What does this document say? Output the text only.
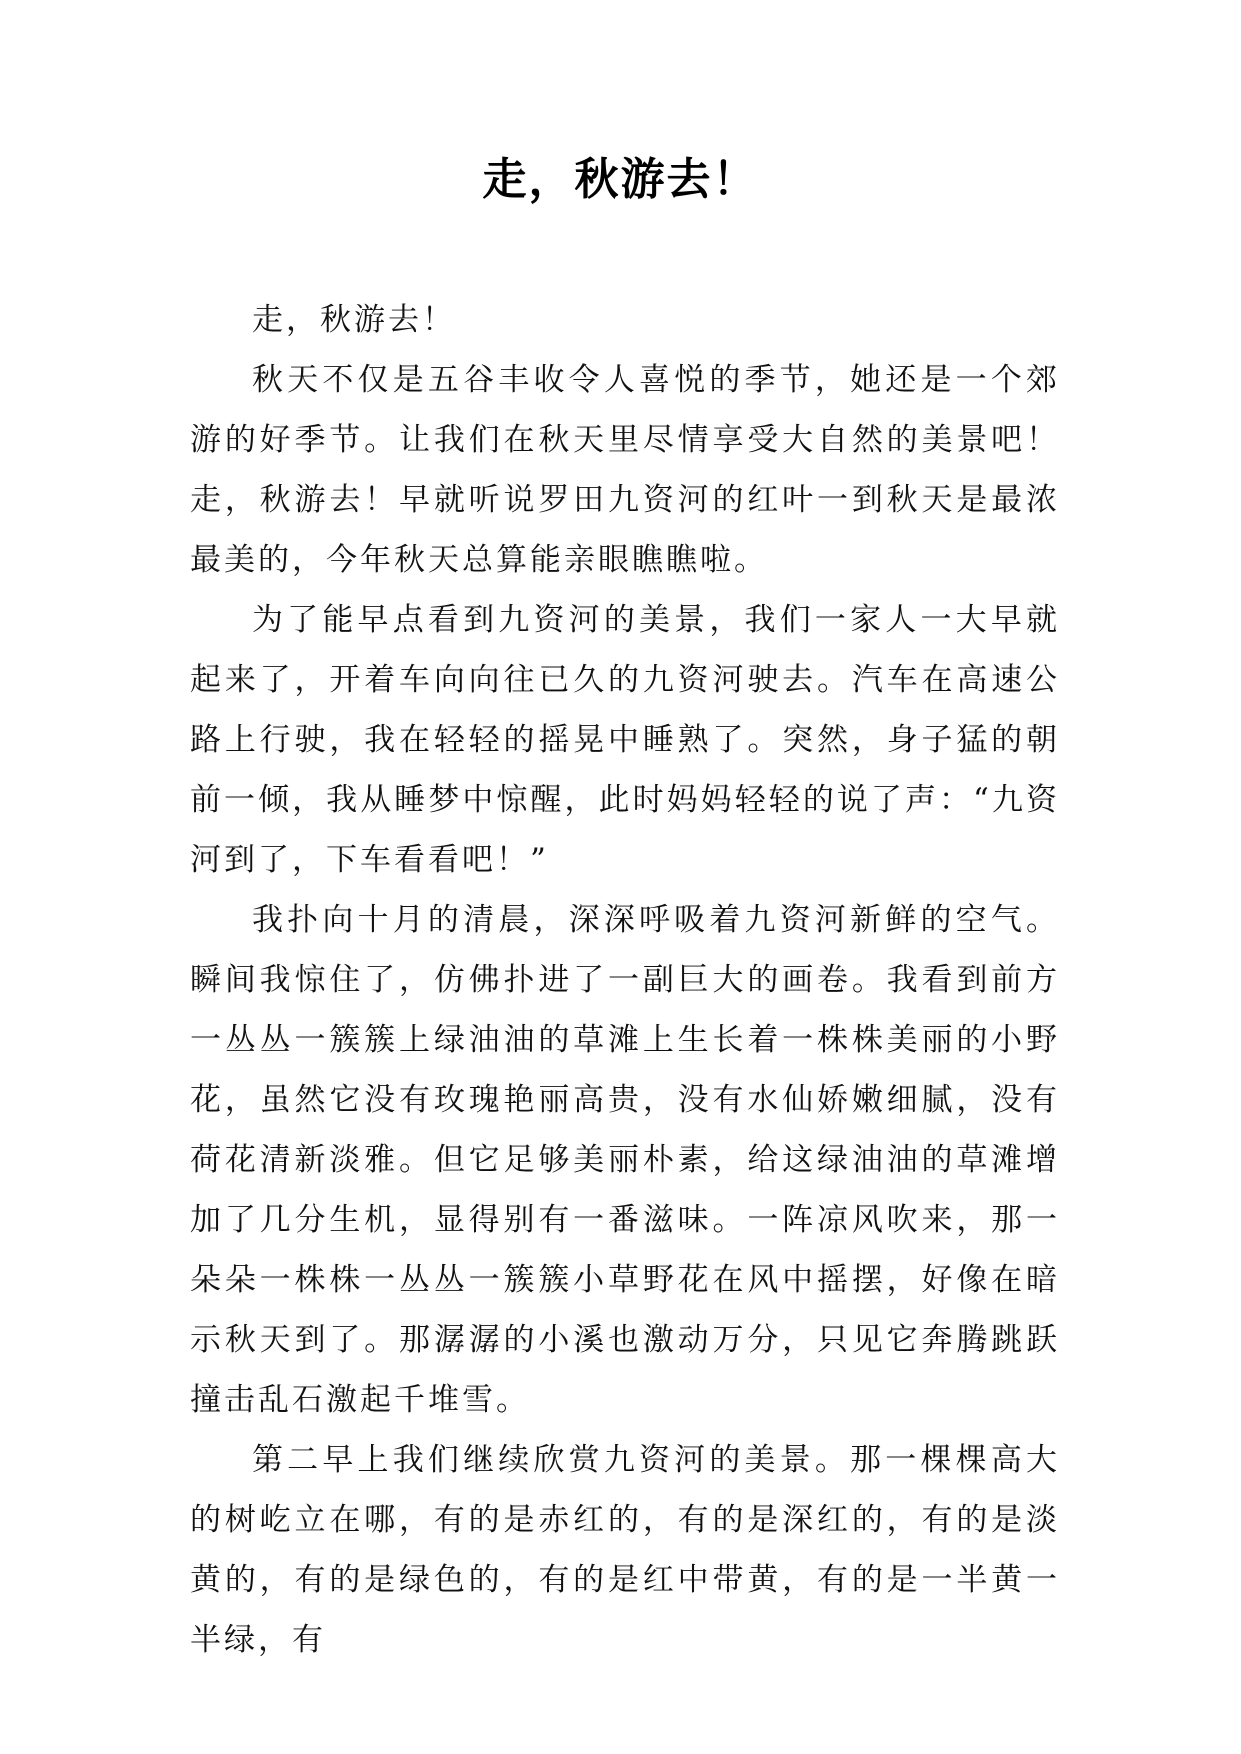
走，秋游去！

走，秋游去！

秋天不仅是五谷丰收令人喜悦的季节，她还是一个郊游的好季节。让我们在秋天里尽情享受大自然的美景吧！走，秋游去！早就听说罗田九资河的红叶一到秋天是最浓最美的，今年秋天总算能亲眼瞧瞧啦。

为了能早点看到九资河的美景，我们一家人一大早就起来了，开着车向向往已久的九资河驶去。汽车在高速公路上行驶，我在轻轻的摇晃中睡熟了。突然，身子猛的朝前一倾，我从睡梦中惊醒，此时妈妈轻轻的说了声：“九资河到了，下车看看吧！”

我扑向十月的清晨，深深呼吸着九资河新鲜的空气。瞬间我惊住了，仿佛扑进了一副巨大的画卷。我看到前方一丛丛一簇簇上绿油油的草滩上生长着一株株美丽的小野花，虽然它没有玫瑰艳丽高贵，没有水仙娇嫩细腻，没有荷花清新淡雅。但它足够美丽朴素，给这绿油油的草滩增加了几分生机，显得别有一番滋味。一阵凉风吹来，那一朵朵一株株一丛丛一簇簇小草野花在风中摇摆，好像在暗示秋天到了。那潺潺的小溪也激动万分，只见它奔腾跳跃撞击乱石激起千堆雪。

第二早上我们继续欣赏九资河的美景。那一棵棵高大的树屹立在哪，有的是赤红的，有的是深红的，有的是淡黄的，有的是绿色的，有的是红中带黄，有的是一半黄一半绿，有
